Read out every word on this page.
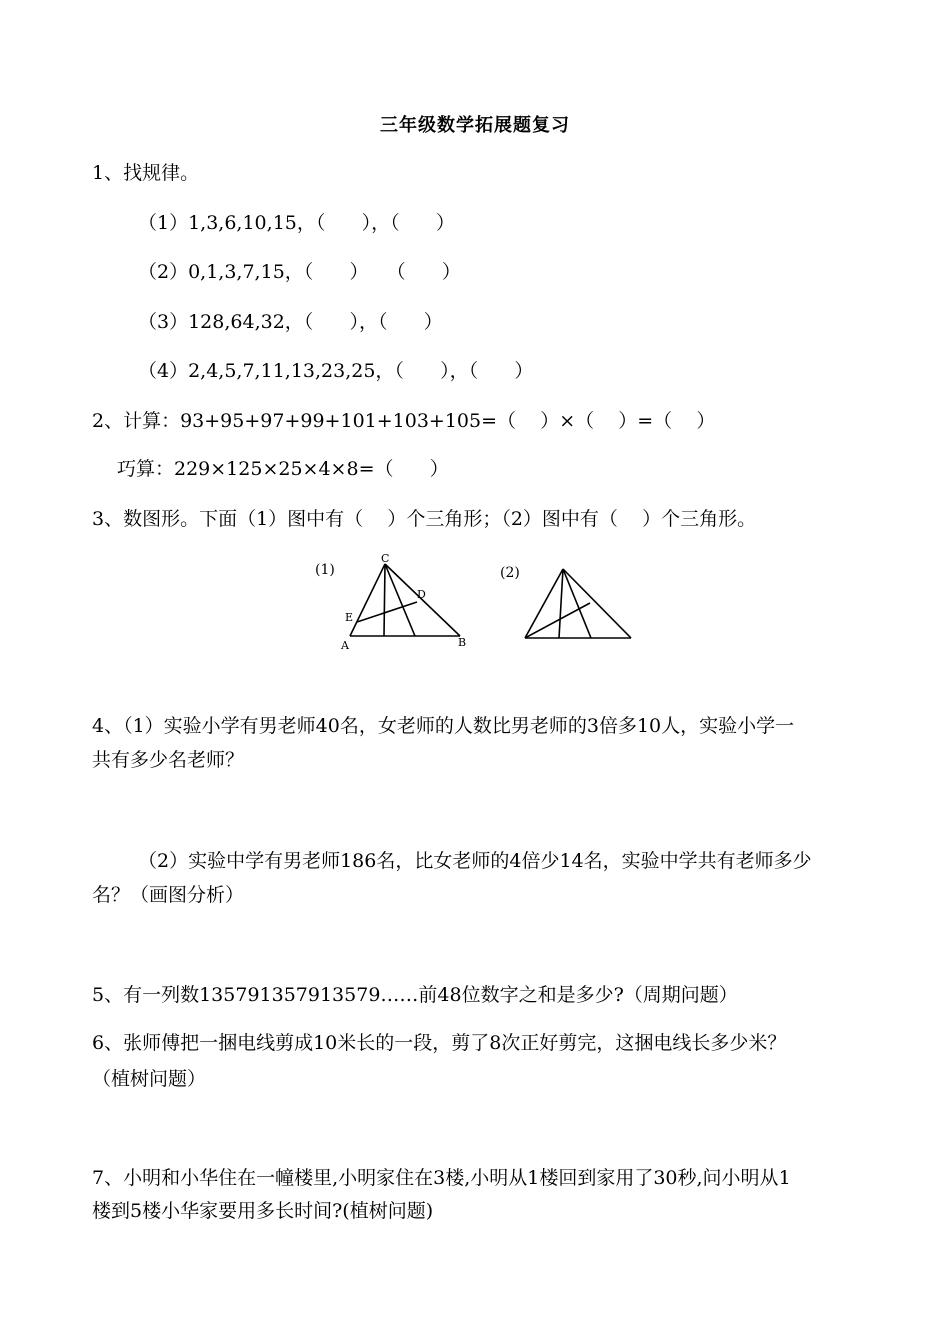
三年级数学拓展题复习
1、找规律。
（1）1,3,6,10,15，（      ），（      ）
（2）0,1,3,7,15，（      ）   （      ）
（3）128,64,32，（      ），（      ）
（4）2,4,5,7,11,13,23,25，（      ），（      ）
2、计算：93+95+97+99+101+103+105=（    ）×（    ）=（    ）
巧算：229×125×25×4×8=（      ）
3、数图形。下面（1）图中有（    ）个三角形；（2）图中有（    ）个三角形。
(1)
A	B
C
D
E
(2)
4、（1）实验小学有男老师40名，女老师的人数比男老师的3倍多10人，实验小学一
共有多少名老师？
（2）实验中学有男老师186名，比女老师的4倍少14名，实验中学共有老师多少
名？（画图分析）
5、有一列数135791357913579……前48位数字之和是多少?（周期问题）
6、张师傅把一捆电线剪成10米长的一段，剪了8次正好剪完，这捆电线长多少米？
（植树问题）
7、小明和小华住在一幢楼里,小明家住在3楼,小明从1楼回到家用了30秒,问小明从1
楼到5楼小华家要用多长时间?(植树问题)
